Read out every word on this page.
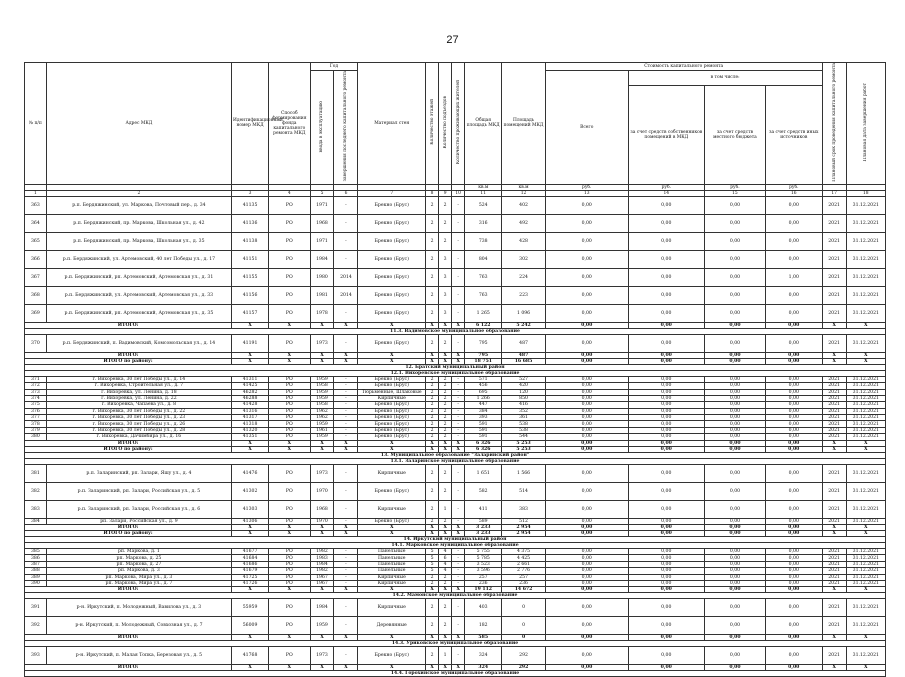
27
№ п/п	Адрес МКД	Идентификационный номер МКД	Способ формирования фонда капитального ремонта МКД	Год		Материал стен	Количество этажей	Количество подъездов	Количество проживающих жителей	Общая площадь МКД	Площадь помещений МКД	Стоимость капитального ремонта				Плановый срок проведения капитального ремонта	Плановая дата завершения работ
				ввода в эксплуатацию	завершения последнего капитального ремонта							Всего	в том числе:				
													за счет средств собственников помещений в МКД	за счет средств местного бюджета	за счет средств иных источников		
										кв.м	кв.м	руб.	руб.	руб.	руб.		
1	2	3	4	5	6	7	8	9	10	11	12	13	14	15	16	17	18
363	р.п. Бердяжинский, ул. Маркова, Почтовый пер., д. 34	41135	РО	1971	-	Брекно (Брус)	2	2	-	524	402	0,00	0,00	0,00	0,00	2021	31.12.2021
364	р.п. Бердяжинский, пр. Маркова, Школьная ул., д. 42	41136	РО	1968	-	Брекно (Брус)	2	2	-	316	492	0,00	0,00	0,00	0,00	2021	31.12.2021
365	р.п. Бердяжинский, пр. Маркова, Школьная ул., д. 35	41138	РО	1971	-	Брекно (Брус)	2	2	-	738	428	0,00	0,00	0,00	0,00	2021	31.12.2021
366	р.п. Бердяжинский, ул. Артемовский, 40 лет Победы ул., д. 17	41151	РО	1984	-	Брекно (Брус)	2	3	-	804	302	0,00	0,00	0,00	0,00	2021	31.12.2021
367	р.п. Бердяжинский, рп. Артемовский, Артемовская ул., д. 31	41155	РО	1980	2014	Брекно (Брус)	2	3	-	763	224	0,00	0,00	0,00	1,00	2021	31.12.2021
368	р.п. Бердяжинский, ул. Артемовский, Артемовская ул., д. 33	41156	РО	1981	2014	Брекно (Брус)	2	3	-	763	223	0,00	0,00	0,00	0,00	2021	31.12.2021
369	р.п. Бердяжинский, рп. Артемовский, Артемовская ул., д. 35	41157	РО	1978	-	Брекно (Брус)	2	3	-	1 265	1 096	0,00	0,00	0,00	0,00	2021	31.12.2021
ИТОГО:		Х	Х	Х	Х	Х	Х	Х	Х	6 122	5 242	0,00	0,00	0,00	0,00	Х	Х
11.3. Вадимовское муниципальное образование																	
370	р.п. Бердяжинский, п. Вадимовский, Комсомольская ул., д. 14	41191	РО	1973	-	Брекно (Брус)	2	2	-	795	487	0,00	0,00	0,00	0,00	2021	31.12.2021
ИТОГО:		Х	Х	Х	Х	Х	Х	Х	Х	795	487	0,00	0,00	0,00	0,00	Х	Х
ИТОГО по району:		Х	Х	Х	Х	Х	Х	Х	Х	18 751	16 685	0,00	0,00	0,00	0,00	Х	Х
12. Братский муниципальный район																	
12.1. Вихоревское муниципальное образование																	
371	г. Вихоревка, 30 лет Победы ул., д. 14	41311	РО	1959	-	Брекно (Брус)	2	2	-	571	527	0,00	0,00	0,00	0,00	2021	31.12.2021
372	г. Вихоревка, Строительная ул., д. 7	41425	РО	1958	-	Брекно (Брус)	2	2	-	456	420	0,00	0,00	0,00	0,00	2021	31.12.2021
373	г. Вихоревка, ул. Ленина, д. 18	46282	РО	1959	-	Тюрьменные, Шлаковые	2	2	-	695	120	0,00	0,00	0,00	0,00	2021	31.12.2021
374	г. Вихоревка, ул. Ленина, д. 22	46288	РО	1959	-	Кирпичные	2	2	-	1 266	850	0,00	0,00	0,00	0,00	2021	31.12.2021
375	г. Вихоревка, Чапаева ул., д. 8	41428	РО	1958	-	Брекно (Брус)	2	2	-	447	416	0,00	0,00	0,00	0,00	2021	31.12.2021
376	г. Вихоревка, 30 лет Победы ул., д. 22	41316	РО	1962	-	Брекно (Брус)	2	2	-	384	352	0,00	0,00	0,00	0,00	2021	31.12.2021
377	г. Вихоревка, 30 лет Победы ул., д. 23	41317	РО	1962	-	Брекно (Брус)	2	2	-	393	361	0,00	0,00	0,00	0,00	2021	31.12.2021
378	г. Вихоревка, 30 лет Победы ул., д. 26	41318	РО	1959	-	Брекно (Брус)	2	2	-	591	538	0,00	0,00	0,00	0,00	2021	31.12.2021
379	г. Вихоревка, 30 лет Победы ул., д. 28	41320	РО	1961	-	Брекно (Брус)	2	2	-	591	538	0,00	0,00	0,00	0,00	2021	31.12.2021
380	г. Вихоревка, Дачимбира ул., д. 16	41351	РО	1959	-	Брекно (Брус)	2	2	-	591	544	0,00	0,00	0,00	0,00	2021	31.12.2021
ИТОГО:		Х	Х	Х	Х	Х	Х	Х	Х	6 326	5 253	0,00	0,00	0,00	0,00	Х	Х
ИТОГО по району:		Х	Х	Х	Х	Х	Х	Х	Х	6 326	5 253	0,00	0,00	0,00	0,00	Х	Х
13. Муниципальное образование "Заларинский район"																	
13.1. Заларинское муниципальное образование																	
381	р.п. Заларинский, рп. Залари, Яшу ул., д. 4	41476	РО	1973	-	Кирпичные	2	2	-	1 651	1 566	0,00	0,00	0,00	0,00	2021	31.12.2021
382	р.п. Заларинский, рп. Залари, Российская ул., д. 5	41302	РО	1970	-	Брекно (Брус)	2	2	-	582	514	0,00	0,00	0,00	0,00	2021	31.12.2021
383	р.п. Заларинский, рп. Залари, Российская ул., д. 6	41303	РО	1968	-	Кирпичные	2	1	-	411	383	0,00	0,00	0,00	0,00	2021	31.12.2021
384	рп. Залари, Российская ул., д. 9	41306	РО	1970	-	Брекно (Брус)	2	2	-	589	512	0,00	0,00	0,00	0,00	2021	31.12.2021
ИТОГО:		Х	Х	Х	Х	Х	Х	Х	Х	3 233	2 954	0,00	0,00	0,00	0,00	Х	Х
ИТОГО по району:		Х	Х	Х	Х	Х	Х	Х	Х	3 233	2 954	0,00	0,00	0,00	0,00	Х	Х
14. Иркутский муниципальный район																	
14.1. Марковское муниципальное образование																	
385	рп. Маркова, д. 1	41677	РО	1982	-	Панельные	5	4	-	5 755	4 375	0,00	0,00	0,00	0,00	2021	31.12.2021
386	рп. Маркова, д. 25	41684	РО	1983	-	Панельные	5	6	-	5 785	4 425	0,00	0,00	0,00	0,00	2021	31.12.2021
387	рп. Маркова, д. 27	41686	РО	1984	-	Панельные	5	4	-	3 523	2 661	0,00	0,00	0,00	0,00	2021	31.12.2021
388	рп. Маркова, д. 3	41679	РО	1982	-	Панельные	5	4	-	3 596	2 776	0,00	0,00	0,00	0,00	2021	31.12.2021
389	рп. Маркова, Мира ул., д. 3	41725	РО	1967	-	Кирпичные	2	2	-	257	257	0,00	0,00	0,00	0,00	2021	31.12.2021
390	рп. Маркова, Мира ул., д. 7	41726	РО	1967	-	Кирпичные	2	2	-	236	236	0,00	0,00	0,00	0,00	2021	31.12.2021
ИТОГО:		Х	Х	Х	Х	Х	Х	Х	Х	19 112	14 672	0,00	0,00	0,00	0,00	Х	Х
14.2. Мамонское муниципальное образование																	
391	р-н. Иркутский, п. Молодежный, Вавилова ул., д. 3	55959	РО	1984	-	Кирпичные	2	2	-	403	0	0,00	0,00	0,00	0,00	2021	31.12.2021
392	р-н. Иркутский, п. Молодежный, Совхозная ул., д. 7	56009	РО	1959	-	Деревянные	2	2	-	182	0	0,00	0,00	0,00	0,00	2021	31.12.2021
ИТОГО:		Х	Х	Х	Х	Х	Х	Х	Х	585	0	0,00	0,00	0,00	0,00	Х	Х
14.3. Уриковское муниципальное образование																	
393	р-н. Иркутский, п. Малая Топка, Березовая ул., д. 5	41768	РО	1973	-	Брекно (Брус)	2	1	-	324	292	0,00	0,00	0,00	0,00	2021	31.12.2021
ИТОГО:		Х	Х	Х	Х	Х	Х	Х	Х	324	292	0,00	0,00	0,00	0,00	Х	Х
14.4. Горохинское муниципальное образование																	
